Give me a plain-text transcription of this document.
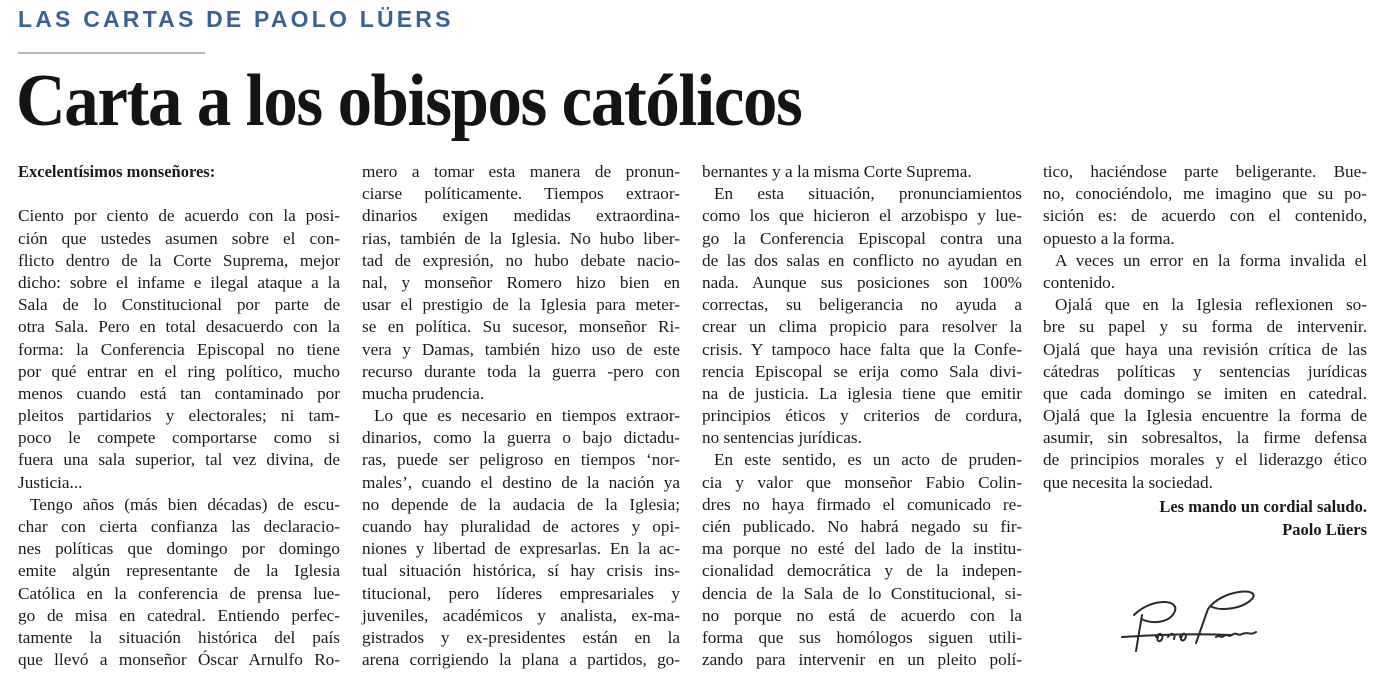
LAS CARTAS DE PAOLO LÜERS
Carta a los obispos católicos
Excelentísimos monseñores:
Ciento por ciento de acuerdo con la posi-
ción que ustedes asumen sobre el con-
flicto dentro de la Corte Suprema, mejor
dicho: sobre el infame e ilegal ataque a la
Sala de lo Constitucional por parte de
otra Sala. Pero en total desacuerdo con la
forma: la Conferencia Episcopal no tiene
por qué entrar en el ring político, mucho
menos cuando está tan contaminado por
pleitos partidarios y electorales; ni tam-
poco le compete comportarse como si
fuera una sala superior, tal vez divina, de
Justicia...
Tengo años (más bien décadas) de escu-
char con cierta confianza las declaracio-
nes políticas que domingo por domingo
emite algún representante de la Iglesia
Católica en la conferencia de prensa lue-
go de misa en catedral. Entiendo perfec-
tamente la situación histórica del país
que llevó a monseñor Óscar Arnulfo Ro-
mero a tomar esta manera de pronun-
ciarse políticamente. Tiempos extraor-
dinarios exigen medidas extraordina-
rias, también de la Iglesia. No hubo liber-
tad de expresión, no hubo debate nacio-
nal, y monseñor Romero hizo bien en
usar el prestigio de la Iglesia para meter-
se en política. Su sucesor, monseñor Ri-
vera y Damas, también hizo uso de este
recurso durante toda la guerra -pero con
mucha prudencia.
Lo que es necesario en tiempos extraor-
dinarios, como la guerra o bajo dictadu-
ras, puede ser peligroso en tiempos ‘nor-
males’, cuando el destino de la nación ya
no depende de la audacia de la Iglesia;
cuando hay pluralidad de actores y opi-
niones y libertad de expresarlas. En la ac-
tual situación histórica, sí hay crisis ins-
titucional, pero líderes empresariales y
juveniles, académicos y analista, ex-ma-
gistrados y ex-presidentes están en la
arena corrigiendo la plana a partidos, go-
bernantes y a la misma Corte Suprema.
En esta situación, pronunciamientos
como los que hicieron el arzobispo y lue-
go la Conferencia Episcopal contra una
de las dos salas en conflicto no ayudan en
nada. Aunque sus posiciones son 100%
correctas, su beligerancia no ayuda a
crear un clima propicio para resolver la
crisis. Y tampoco hace falta que la Confe-
rencia Episcopal se erija como Sala divi-
na de justicia. La iglesia tiene que emitir
principios éticos y criterios de cordura,
no sentencias jurídicas.
En este sentido, es un acto de pruden-
cia y valor que monseñor Fabio Colin-
dres no haya firmado el comunicado re-
cién publicado. No habrá negado su fir-
ma porque no esté del lado de la institu-
cionalidad democrática y de la indepen-
dencia de la Sala de lo Constitucional, si-
no porque no está de acuerdo con la
forma que sus homólogos siguen utili-
zando para intervenir en un pleito polí-
tico, haciéndose parte beligerante. Bue-
no, conociéndolo, me imagino que su po-
sición es: de acuerdo con el contenido,
opuesto a la forma.
A veces un error en la forma invalida el
contenido.
Ojalá que en la Iglesia reflexionen so-
bre su papel y su forma de intervenir.
Ojalá que haya una revisión crítica de las
cátedras políticas y sentencias jurídicas
que cada domingo se imiten en catedral.
Ojalá que la Iglesia encuentre la forma de
asumir, sin sobresaltos, la firme defensa
de principios morales y el liderazgo ético
que necesita la sociedad.
Les mando un cordial saludo.
Paolo Lüers
